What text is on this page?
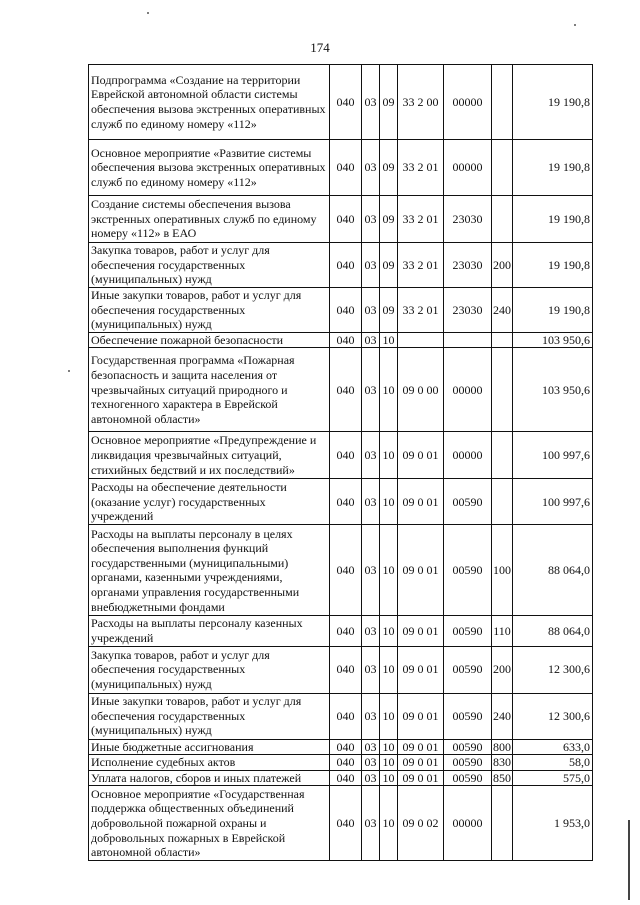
174
Подпрограмма «Создание на территории Еврейской автономной области системы обеспечения вызова экстренных оперативных служб по единому номеру «112»	040	03	09	33 2 00	00000		19 190,8
Основное мероприятие «Развитие системы обеспечения вызова экстренных оперативных служб по единому номеру «112»	040	03	09	33 2 01	00000		19 190,8
Создание системы обеспечения вызова экстренных оперативных служб по единому номеру «112» в ЕАО	040	03	09	33 2 01	23030		19 190,8
Закупка товаров, работ и услуг для обеспечения государственных (муниципальных) нужд	040	03	09	33 2 01	23030	200	19 190,8
Иные закупки товаров, работ и услуг для обеспечения государственных (муниципальных) нужд	040	03	09	33 2 01	23030	240	19 190,8
Обеспечение пожарной безопасности	040	03	10				103 950,6
Государственная программа «Пожарная безопасность и защита населения от чрезвычайных ситуаций природного и техногенного характера в Еврейской автономной области»	040	03	10	09 0 00	00000		103 950,6
Основное мероприятие «Предупреждение и ликвидация чрезвычайных ситуаций, стихийных бедствий и их последствий»	040	03	10	09 0 01	00000		100 997,6
Расходы на обеспечение деятельности (оказание услуг) государственных учреждений	040	03	10	09 0 01	00590		100 997,6
Расходы на выплаты персоналу в целях обеспечения выполнения функций государственными (муниципальными) органами, казенными учреждениями, органами управления государственными внебюджетными фондами	040	03	10	09 0 01	00590	100	88 064,0
Расходы на выплаты персоналу казенных учреждений	040	03	10	09 0 01	00590	110	88 064,0
Закупка товаров, работ и услуг для обеспечения государственных (муниципальных) нужд	040	03	10	09 0 01	00590	200	12 300,6
Иные закупки товаров, работ и услуг для обеспечения государственных (муниципальных) нужд	040	03	10	09 0 01	00590	240	12 300,6
Иные бюджетные ассигнования	040	03	10	09 0 01	00590	800	633,0
Исполнение судебных актов	040	03	10	09 0 01	00590	830	58,0
Уплата налогов, сборов и иных платежей	040	03	10	09 0 01	00590	850	575,0
Основное мероприятие «Государственная поддержка общественных объединений добровольной пожарной охраны и добровольных пожарных в Еврейской автономной области»	040	03	10	09 0 02	00000		1 953,0
